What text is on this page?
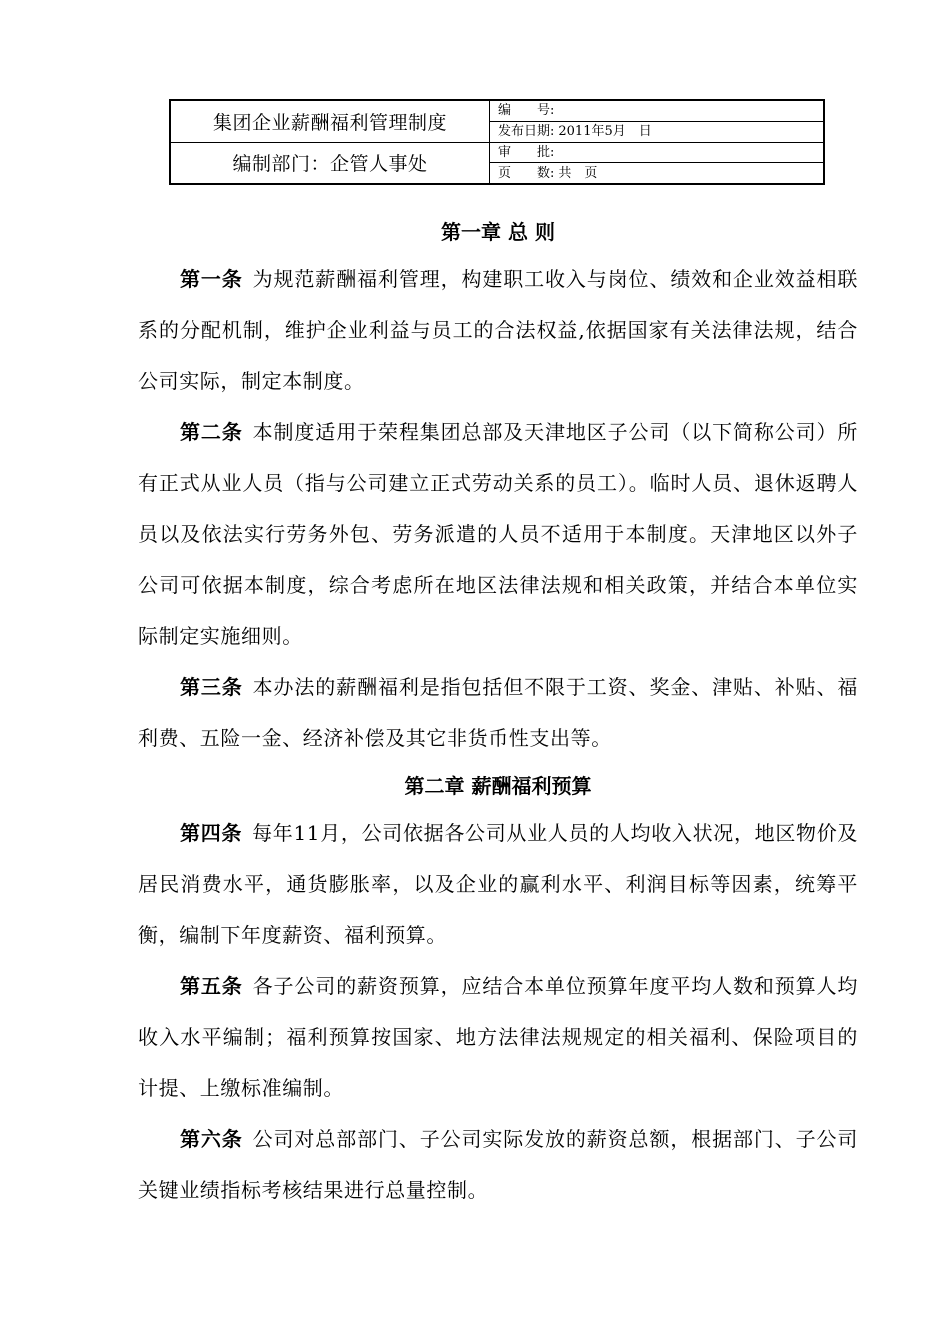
集团企业薪酬福利管理制度
编制部门：企管人事处
编　　号:
发布日期: 2011年5月　日
审　　批:
页　　数: 共　页
第一章 总 则

第一条 为规范薪酬福利管理，构建职工收入与岗位、绩效和企业效益相联系的分配机制，维护企业利益与员工的合法权益,依据国家有关法律法规，结合公司实际，制定本制度。

第二条 本制度适用于荣程集团总部及天津地区子公司（以下简称公司）所有正式从业人员（指与公司建立正式劳动关系的员工）。临时人员、退休返聘人员以及依法实行劳务外包、劳务派遣的人员不适用于本制度。天津地区以外子公司可依据本制度，综合考虑所在地区法律法规和相关政策，并结合本单位实际制定实施细则。

第三条 本办法的薪酬福利是指包括但不限于工资、奖金、津贴、补贴、福利费、五险一金、经济补偿及其它非货币性支出等。

第二章 薪酬福利预算

第四条 每年11月，公司依据各公司从业人员的人均收入状况，地区物价及居民消费水平，通货膨胀率，以及企业的赢利水平、利润目标等因素，统筹平衡，编制下年度薪资、福利预算。

第五条 各子公司的薪资预算，应结合本单位预算年度平均人数和预算人均收入水平编制；福利预算按国家、地方法律法规规定的相关福利、保险项目的计提、上缴标准编制。

第六条 公司对总部部门、子公司实际发放的薪资总额，根据部门、子公司关键业绩指标考核结果进行总量控制。
